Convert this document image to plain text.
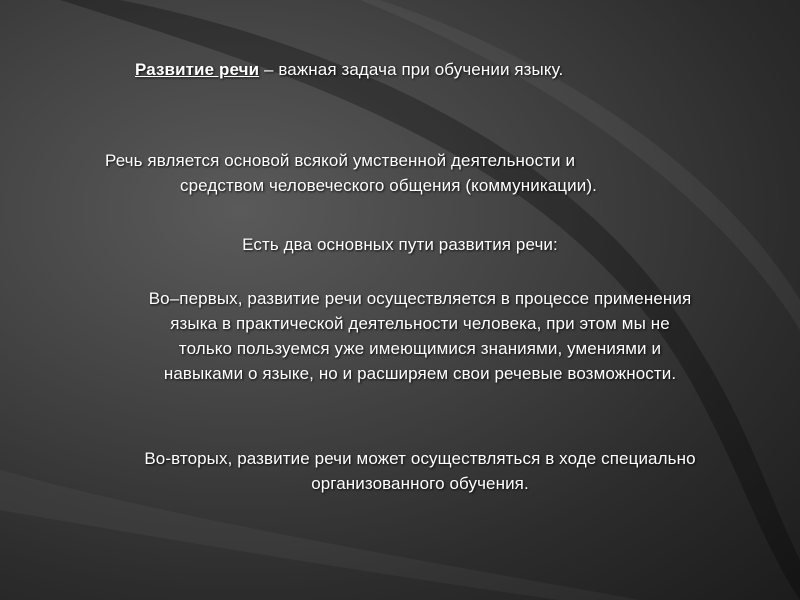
Развитие речи – важная задача при обучении языку.
Речь является основой всякой умственной деятельности и
средством человеческого общения (коммуникации).
Есть два основных пути развития речи:
Во–первых, развитие речи осуществляется в процессе применения
языка в практической деятельности человека, при этом мы не
только пользуемся уже имеющимися знаниями, умениями и
навыками о языке, но и расширяем свои речевые возможности.
Во-вторых, развитие речи может осуществляться в ходе специально
организованного обучения.
